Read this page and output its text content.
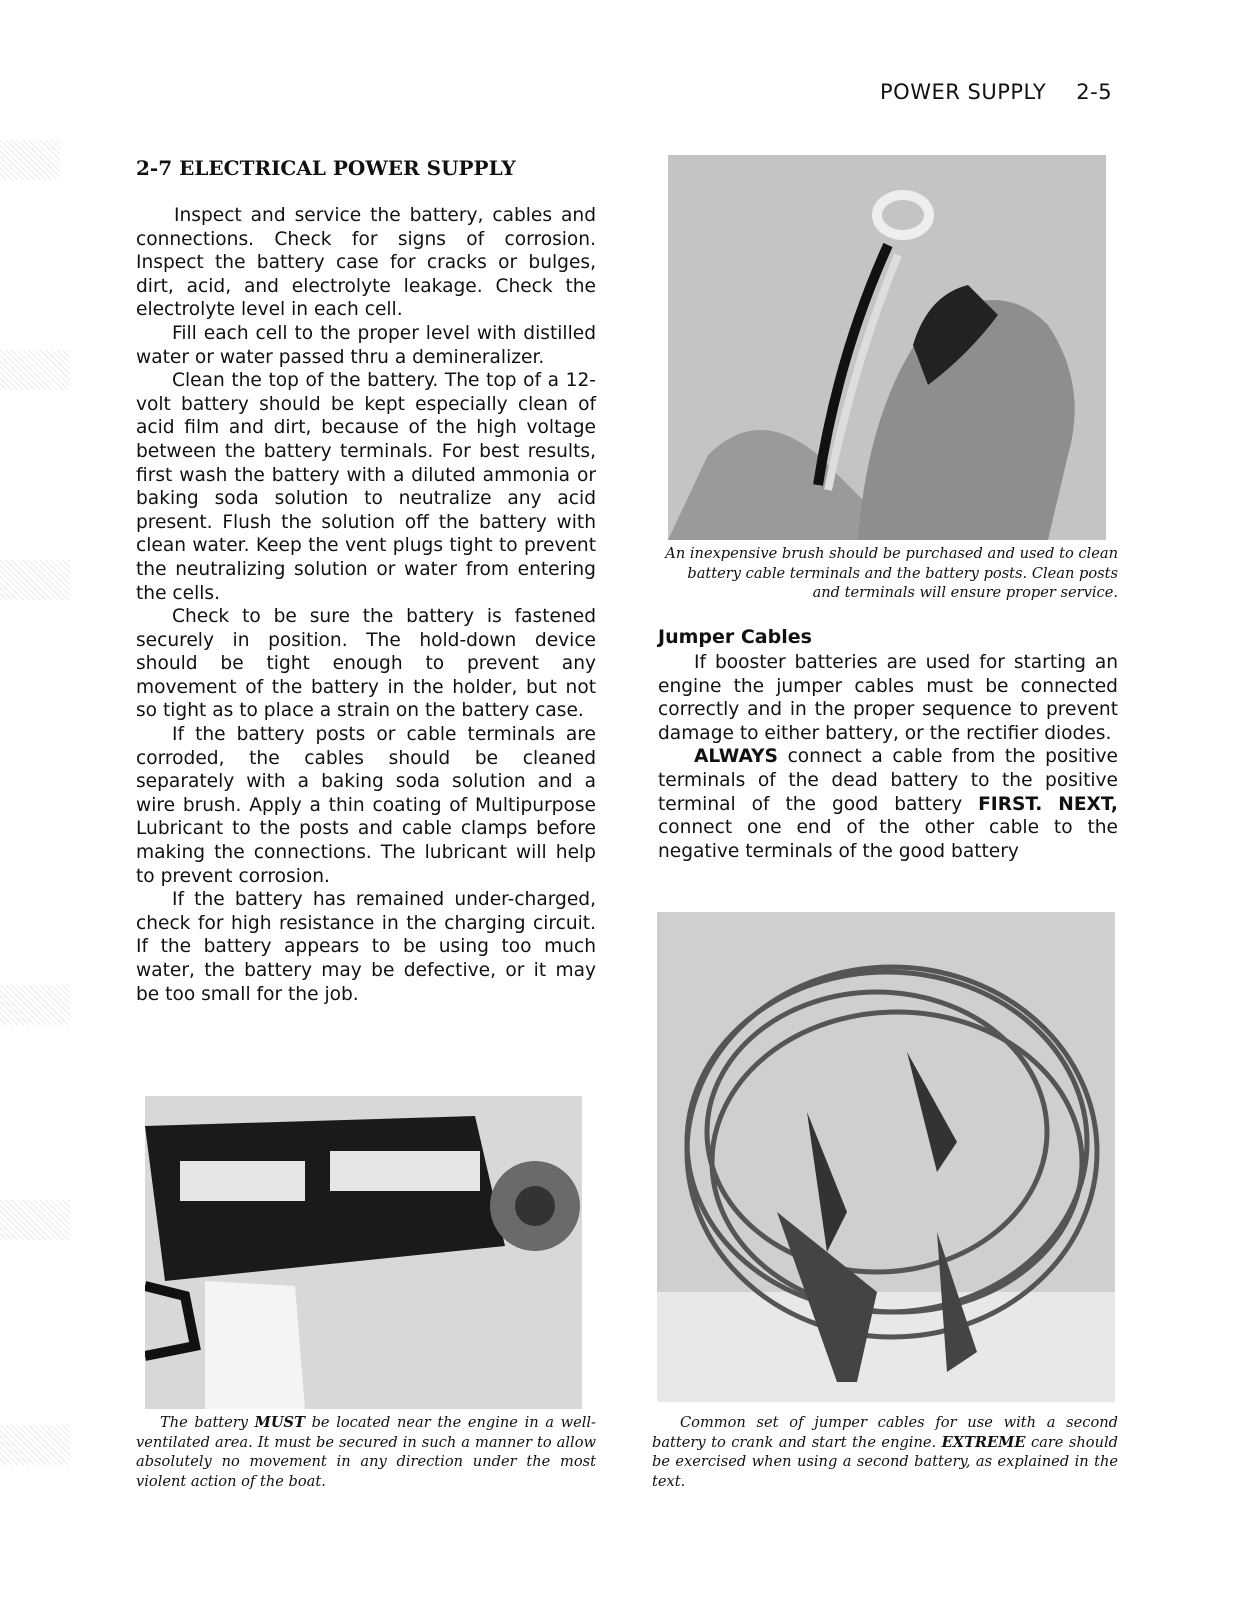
POWER SUPPLY 2-5
2-7 ELECTRICAL POWER SUPPLY

Inspect and service the battery, cables and connections. Check for signs of corrosion. Inspect the battery case for cracks or bulges, dirt, acid, and electrolyte leakage. Check the electrolyte level in each cell.

Fill each cell to the proper level with distilled water or water passed thru a demineralizer.

Clean the top of the battery. The top of a 12-volt battery should be kept especially clean of acid film and dirt, because of the high voltage between the battery terminals. For best results, first wash the battery with a diluted ammonia or baking soda solution to neutralize any acid present. Flush the solution off the battery with clean water. Keep the vent plugs tight to prevent the neutralizing solution or water from entering the cells.

Check to be sure the battery is fastened securely in position. The hold-down device should be tight enough to prevent any movement of the battery in the holder, but not so tight as to place a strain on the battery case.

If the battery posts or cable terminals are corroded, the cables should be cleaned separately with a baking soda solution and a wire brush. Apply a thin coating of Multipurpose Lubricant to the posts and cable clamps before making the connections. The lubricant will help to prevent corrosion.

If the battery has remained under-charged, check for high resistance in the charging circuit. If the battery appears to be using too much water, the battery may be defective, or it may be too small for the job.

An inexpensive brush should be purchased and used to clean battery cable terminals and the battery posts. Clean posts and terminals will ensure proper service.
Jumper Cables

If booster batteries are used for starting an engine the jumper cables must be connected correctly and in the proper sequence to prevent damage to either battery, or the rectifier diodes.

ALWAYS connect a cable from the positive terminals of the dead battery to the positive terminal of the good battery FIRST. NEXT, connect one end of the other cable to the negative terminals of the good battery

The battery MUST be located near the engine in a well-ventilated area. It must be secured in such a manner to allow absolutely no movement in any direction under the most violent action of the boat.
Common set of jumper cables for use with a second battery to crank and start the engine. EXTREME care should be exercised when using a second battery, as explained in the text.
